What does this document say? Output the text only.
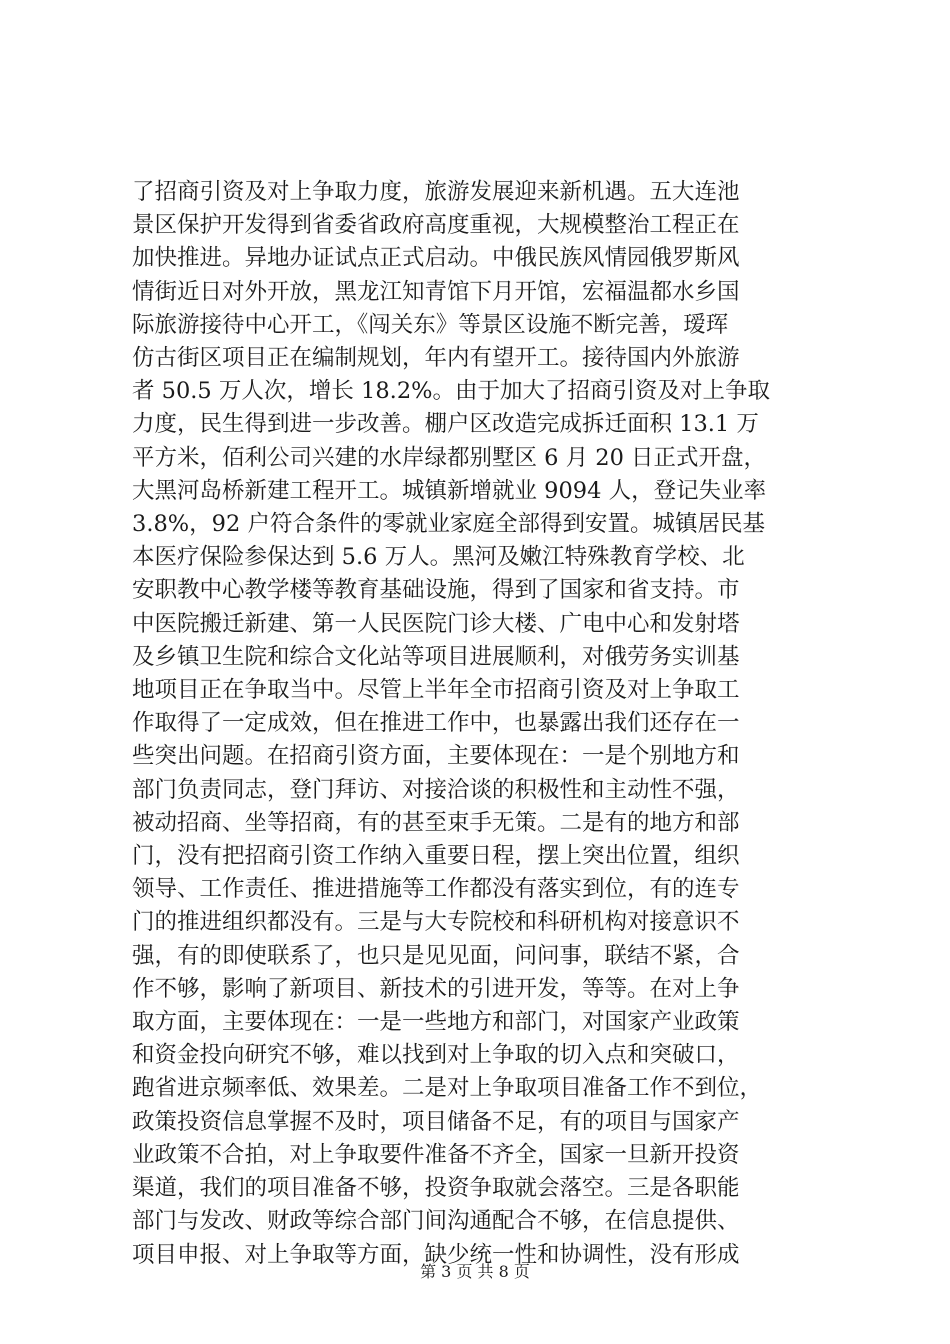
了招商引资及对上争取力度，旅游发展迎来新机遇。五大连池
景区保护开发得到省委省政府高度重视，大规模整治工程正在
加快推进。异地办证试点正式启动。中俄民族风情园俄罗斯风
情街近日对外开放，黑龙江知青馆下月开馆，宏福温都水乡国
际旅游接待中心开工，《闯关东》等景区设施不断完善，瑷珲
仿古街区项目正在编制规划，年内有望开工。接待国内外旅游
者 50.5 万人次，增长 18.2%。由于加大了招商引资及对上争取
力度，民生得到进一步改善。棚户区改造完成拆迁面积 13.1 万
平方米，佰利公司兴建的水岸绿都别墅区 6 月 20 日正式开盘，
大黑河岛桥新建工程开工。城镇新增就业 9094 人，登记失业率
3.8%，92 户符合条件的零就业家庭全部得到安置。城镇居民基
本医疗保险参保达到 5.6 万人。黑河及嫩江特殊教育学校、北
安职教中心教学楼等教育基础设施，得到了国家和省支持。市
中医院搬迁新建、第一人民医院门诊大楼、广电中心和发射塔
及乡镇卫生院和综合文化站等项目进展顺利，对俄劳务实训基
地项目正在争取当中。尽管上半年全市招商引资及对上争取工
作取得了一定成效，但在推进工作中，也暴露出我们还存在一
些突出问题。在招商引资方面，主要体现在：一是个别地方和
部门负责同志，登门拜访、对接洽谈的积极性和主动性不强，
被动招商、坐等招商，有的甚至束手无策。二是有的地方和部
门，没有把招商引资工作纳入重要日程，摆上突出位置，组织
领导、工作责任、推进措施等工作都没有落实到位，有的连专
门的推进组织都没有。三是与大专院校和科研机构对接意识不
强，有的即使联系了，也只是见见面，问问事，联结不紧，合
作不够，影响了新项目、新技术的引进开发，等等。在对上争
取方面，主要体现在：一是一些地方和部门，对国家产业政策
和资金投向研究不够，难以找到对上争取的切入点和突破口，
跑省进京频率低、效果差。二是对上争取项目准备工作不到位，
政策投资信息掌握不及时，项目储备不足，有的项目与国家产
业政策不合拍，对上争取要件准备不齐全，国家一旦新开投资
渠道，我们的项目准备不够，投资争取就会落空。三是各职能
部门与发改、财政等综合部门间沟通配合不够，在信息提供、
项目申报、对上争取等方面，缺少统一性和协调性，没有形成
第 3 页 共 8 页
